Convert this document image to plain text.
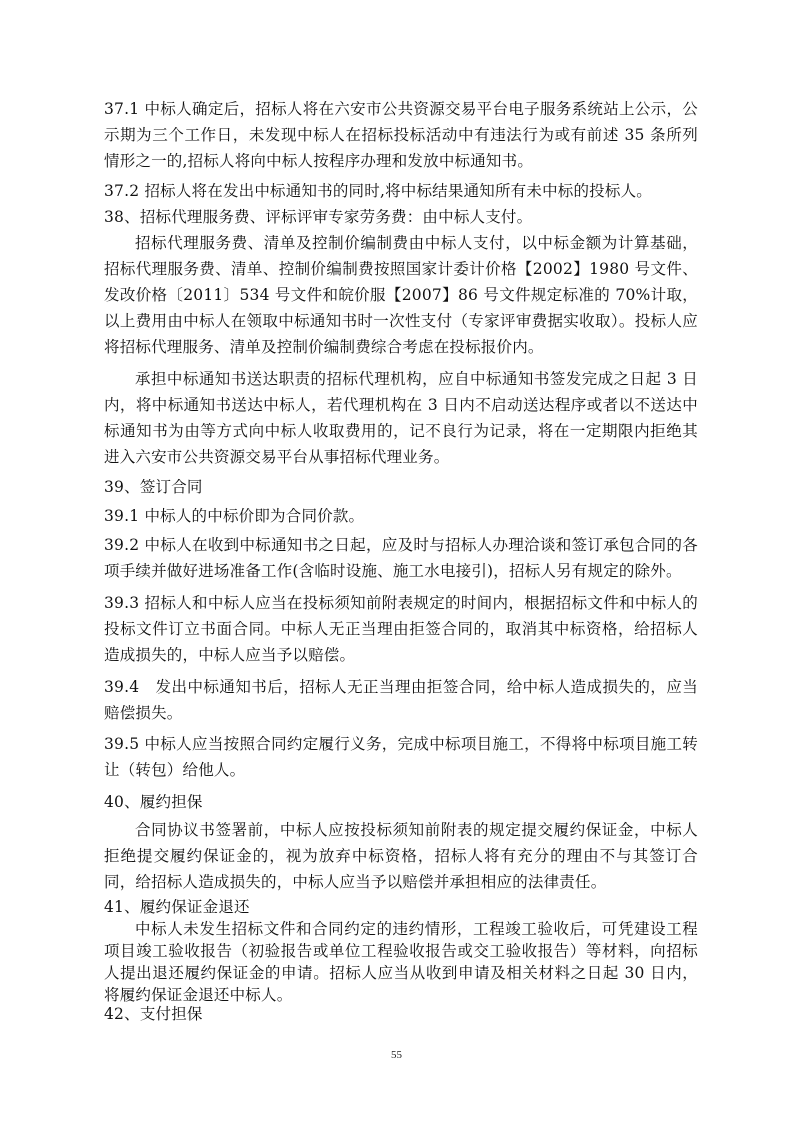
37.1 中标人确定后，招标人将在六安市公共资源交易平台电子服务系统站上公示，公示期为三个工作日，未发现中标人在招标投标活动中有违法行为或有前述 35 条所列情形之一的,招标人将向中标人按程序办理和发放中标通知书。

37.2 招标人将在发出中标通知书的同时,将中标结果通知所有未中标的投标人。

38、招标代理服务费、评标评审专家劳务费：由中标人支付。

招标代理服务费、清单及控制价编制费由中标人支付，以中标金额为计算基础，招标代理服务费、清单、控制价编制费按照国家计委计价格【2002】1980 号文件、发改价格〔2011〕534 号文件和皖价服【2007】86 号文件规定标准的 70%计取，以上费用由中标人在领取中标通知书时一次性支付（专家评审费据实收取）。投标人应将招标代理服务、清单及控制价编制费综合考虑在投标报价内。

承担中标通知书送达职责的招标代理机构，应自中标通知书签发完成之日起 3 日内，将中标通知书送达中标人，若代理机构在 3 日内不启动送达程序或者以不送达中标通知书为由等方式向中标人收取费用的，记不良行为记录，将在一定期限内拒绝其进入六安市公共资源交易平台从事招标代理业务。

39、签订合同

39.1 中标人的中标价即为合同价款。

39.2 中标人在收到中标通知书之日起，应及时与招标人办理洽谈和签订承包合同的各项手续并做好进场准备工作(含临时设施、施工水电接引)，招标人另有规定的除外。

39.3 招标人和中标人应当在投标须知前附表规定的时间内，根据招标文件和中标人的投标文件订立书面合同。中标人无正当理由拒签合同的，取消其中标资格，给招标人造成损失的，中标人应当予以赔偿。

39.4　发出中标通知书后，招标人无正当理由拒签合同，给中标人造成损失的，应当赔偿损失。

39.5 中标人应当按照合同约定履行义务，完成中标项目施工，不得将中标项目施工转让（转包）给他人。

40、履约担保

合同协议书签署前，中标人应按投标须知前附表的规定提交履约保证金，中标人拒绝提交履约保证金的，视为放弃中标资格，招标人将有充分的理由不与其签订合同，给招标人造成损失的，中标人应当予以赔偿并承担相应的法律责任。

41、履约保证金退还

中标人未发生招标文件和合同约定的违约情形，工程竣工验收后，可凭建设工程项目竣工验收报告（初验报告或单位工程验收报告或交工验收报告）等材料，向招标人提出退还履约保证金的申请。招标人应当从收到申请及相关材料之日起 30 日内，将履约保证金退还中标人。

42、支付担保

55
